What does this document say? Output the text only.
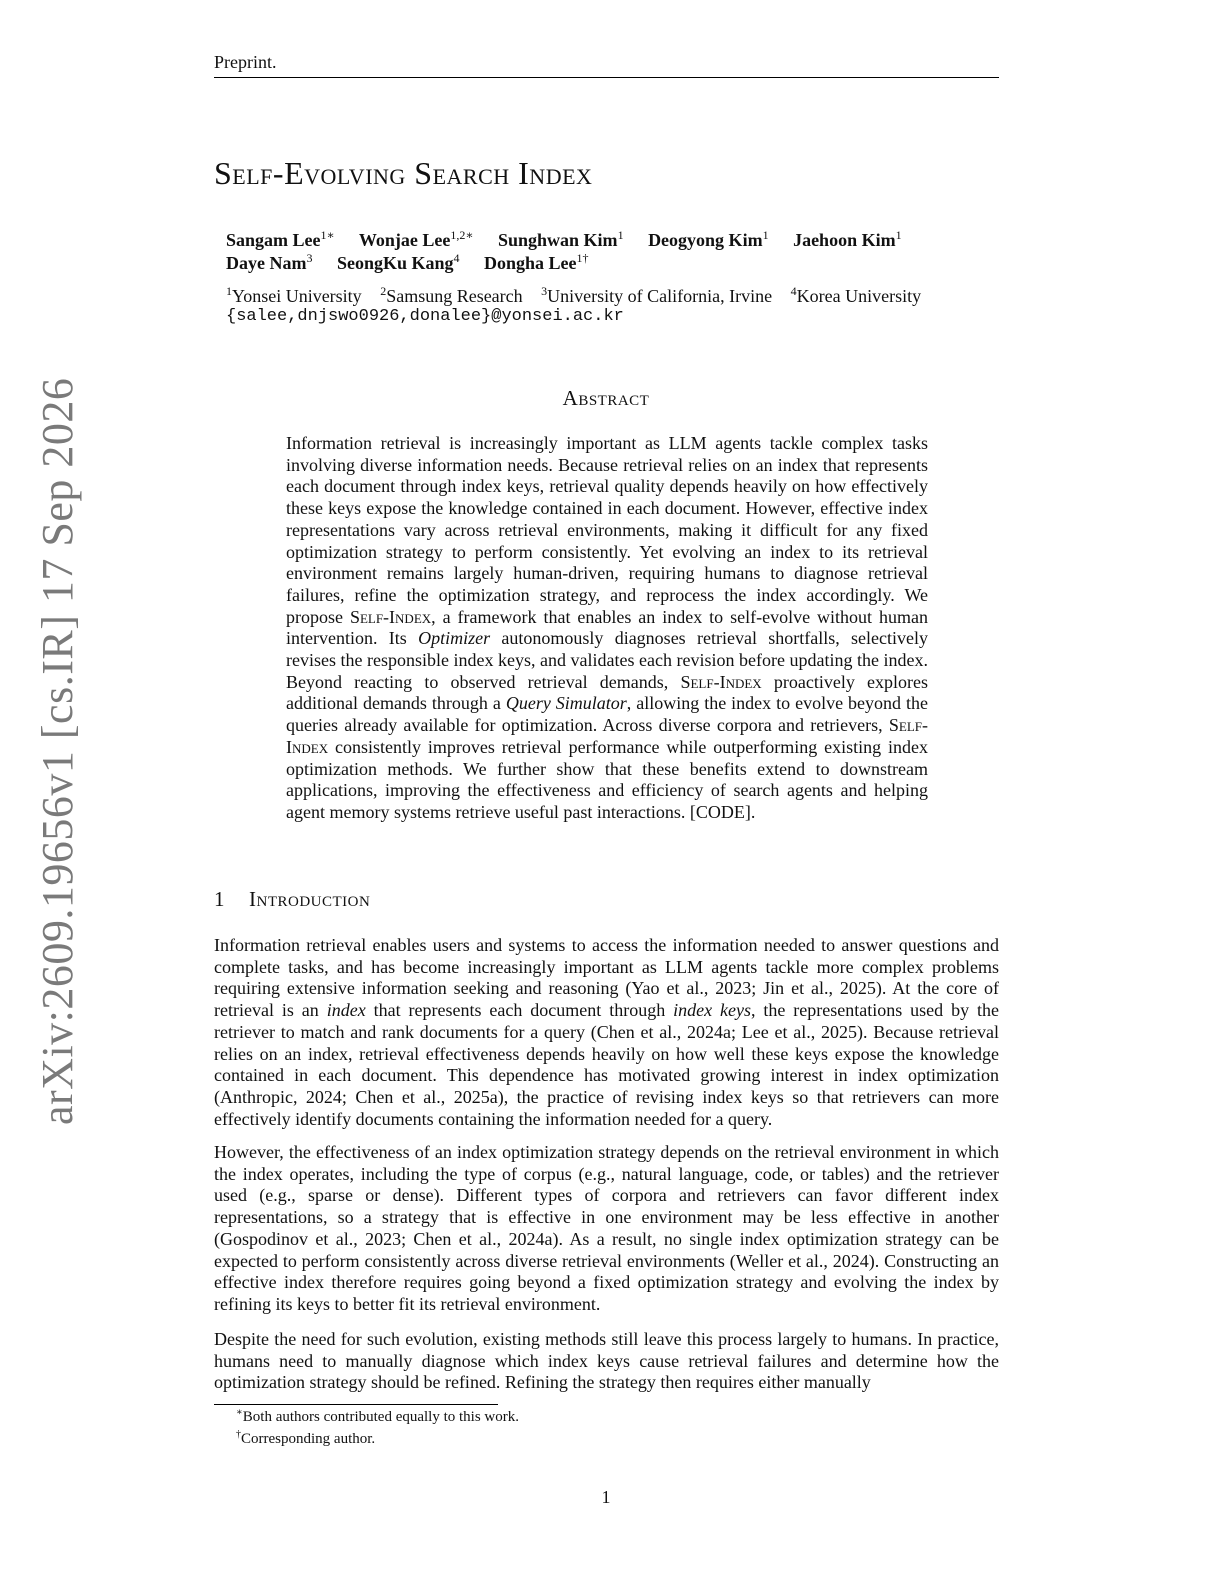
Preprint.
arXiv:2609.19656v1 [cs.IR] 17 Sep 2026
Self-Evolving Search Index
Sangam Lee$^{1∗}$ Wonjae Lee$^{1,2∗}$ Sunghwan Kim$^1$ Deogyong Kim$^1$ Jaehoon Kim$^1$
Daye Nam$^3$ SeongKu Kang$^4$ Dongha Lee$^{1\dagger}$
$^1$Yonsei University $^2$Samsung Research $^3$University of California, Irvine $^4$Korea University
{salee,dnjswo0926,donalee}@yonsei.ac.kr
Abstract

Information retrieval is increasingly important as LLM agents tackle complex tasks involving diverse information needs. Because retrieval relies on an index that represents each document through index keys, retrieval quality depends heavily on how effectively these keys expose the knowledge contained in each document. However, effective index representations vary across retrieval environments, making it difficult for any fixed optimization strategy to perform consistently. Yet evolving an index to its retrieval environment remains largely human-driven, requiring humans to diagnose retrieval failures, refine the optimization strategy, and reprocess the index accordingly. We propose Self-Index, a framework that enables an index to self-evolve without human intervention. Its Optimizer autonomously diagnoses retrieval shortfalls, selectively revises the responsible index keys, and validates each revision before updating the index. Beyond reacting to observed retrieval demands, Self-Index proactively explores additional demands through a Query Simulator, allowing the index to evolve beyond the queries already available for optimization. Across diverse corpora and retrievers, Self-Index consistently improves retrieval performance while outperforming existing index optimization methods. We further show that these benefits extend to downstream applications, improving the effectiveness and efficiency of search agents and helping agent memory systems retrieve useful past interactions. [CODE].

1 Introduction

Information retrieval enables users and systems to access the information needed to answer questions and complete tasks, and has become increasingly important as LLM agents tackle more complex problems requiring extensive information seeking and reasoning (Yao et al., 2023; Jin et al., 2025). At the core of retrieval is an index that represents each document through index keys, the representations used by the retriever to match and rank documents for a query (Chen et al., 2024a; Lee et al., 2025). Because retrieval relies on an index, retrieval effectiveness depends heavily on how well these keys expose the knowledge contained in each document. This dependence has motivated growing interest in index optimization (Anthropic, 2024; Chen et al., 2025a), the practice of revising index keys so that retrievers can more effectively identify documents containing the information needed for a query.

However, the effectiveness of an index optimization strategy depends on the retrieval environment in which the index operates, including the type of corpus (e.g., natural language, code, or tables) and the retriever used (e.g., sparse or dense). Different types of corpora and retrievers can favor different index representations, so a strategy that is effective in one environment may be less effective in another (Gospodinov et al., 2023; Chen et al., 2024a). As a result, no single index optimization strategy can be expected to perform consistently across diverse retrieval environments (Weller et al., 2024). Constructing an effective index therefore requires going beyond a fixed optimization strategy and evolving the index by refining its keys to better fit its retrieval environment.

Despite the need for such evolution, existing methods still leave this process largely to humans. In practice, humans need to manually diagnose which index keys cause retrieval failures and determine how the optimization strategy should be refined. Refining the strategy then requires either manually

∗Both authors contributed equally to this work.
†Corresponding author.
1
